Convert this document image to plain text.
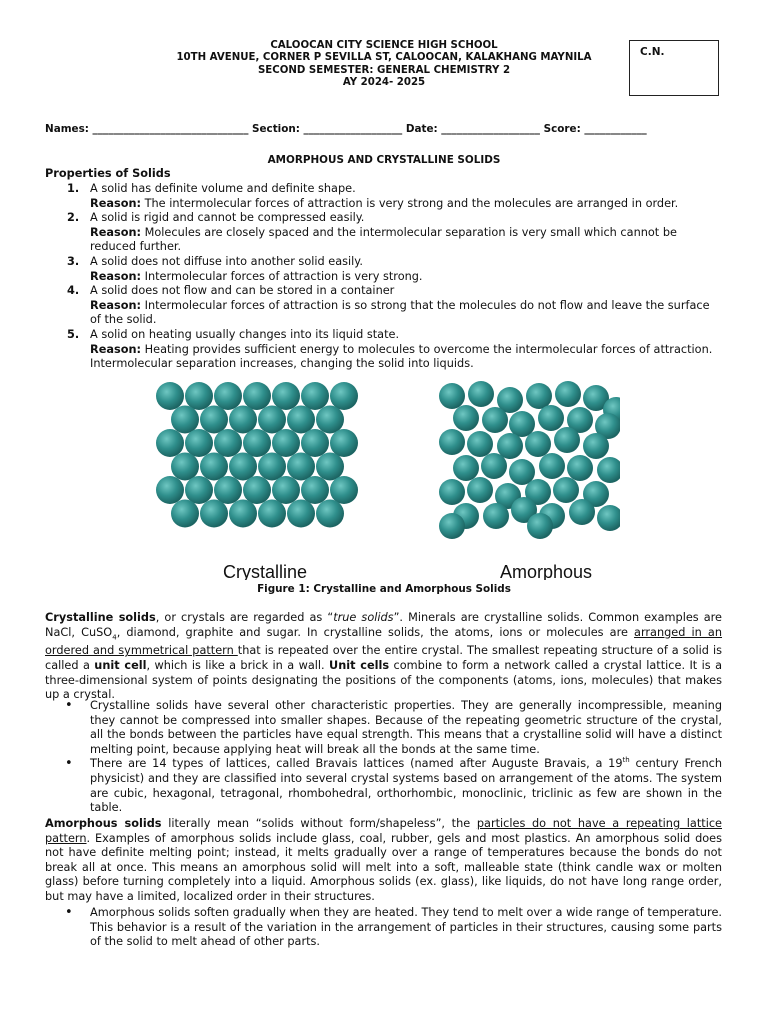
CALOOCAN CITY SCIENCE HIGH SCHOOL
10TH AVENUE, CORNER P SEVILLA ST, CALOOCAN, KALAKHANG MAYNILA
SECOND SEMESTER: GENERAL CHEMISTRY 2
AY 2024- 2025
C.N.
Names: ______________________________ Section: ___________________ Date: ___________________ Score: ____________
AMORPHOUS AND CRYSTALLINE SOLIDS
Properties of Solids
1. A solid has definite volume and definite shape.
Reason: The intermolecular forces of attraction is very strong and the molecules are arranged in order.
2. A solid is rigid and cannot be compressed easily.
Reason: Molecules are closely spaced and the intermolecular separation is very small which cannot be reduced further.
3. A solid does not diffuse into another solid easily.
Reason: Intermolecular forces of attraction is very strong.
4. A solid does not flow and can be stored in a container
Reason: Intermolecular forces of attraction is so strong that the molecules do not flow and leave the surface of the solid.
5. A solid on heating usually changes into its liquid state.
Reason: Heating provides sufficient energy to molecules to overcome the intermolecular forces of attraction. Intermolecular separation increases, changing the solid into liquids.
Crystalline	Amorphous
Figure 1: Crystalline and Amorphous Solids
Crystalline solids, or crystals are regarded as “true solids”. Minerals are crystalline solids. Common examples are NaCl, CuSO$_4$, diamond, graphite and sugar. In crystalline solids, the atoms, ions or molecules are arranged in an ordered and symmetrical pattern that is repeated over the entire crystal. The smallest repeating structure of a solid is called a unit cell, which is like a brick in a wall. Unit cells combine to form a network called a crystal lattice. It is a three-dimensional system of points designating the positions of the components (atoms, ions, molecules) that makes up a crystal.
• Crystalline solids have several other characteristic properties. They are generally incompressible, meaning they cannot be compressed into smaller shapes. Because of the repeating geometric structure of the crystal, all the bonds between the particles have equal strength. This means that a crystalline solid will have a distinct melting point, because applying heat will break all the bonds at the same time.
• There are 14 types of lattices, called Bravais lattices (named after Auguste Bravais, a 19th century French physicist) and they are classified into several crystal systems based on arrangement of the atoms. The system are cubic, hexagonal, tetragonal, rhombohedral, orthorhombic, monoclinic, triclinic as few are shown in the table.
Amorphous solids literally mean “solids without form/shapeless”, the particles do not have a repeating lattice pattern. Examples of amorphous solids include glass, coal, rubber, gels and most plastics. An amorphous solid does not have definite melting point; instead, it melts gradually over a range of temperatures because the bonds do not break all at once. This means an amorphous solid will melt into a soft, malleable state (think candle wax or molten glass) before turning completely into a liquid. Amorphous solids (ex. glass), like liquids, do not have long range order, but may have a limited, localized order in their structures.
• Amorphous solids soften gradually when they are heated. They tend to melt over a wide range of temperature. This behavior is a result of the variation in the arrangement of particles in their structures, causing some parts of the solid to melt ahead of other parts.
